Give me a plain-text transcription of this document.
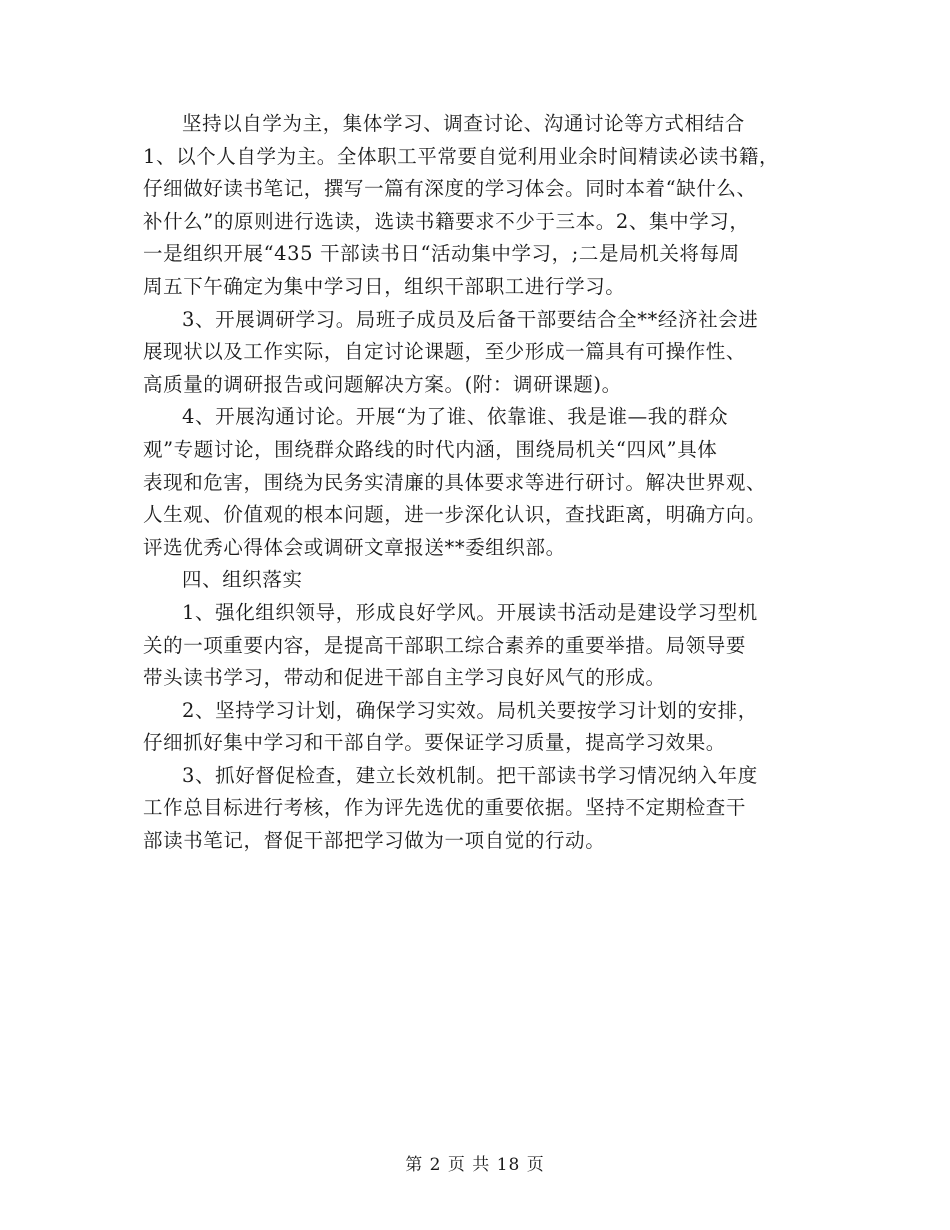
坚持以自学为主，集体学习、调查讨论、沟通讨论等方式相结合
1、以个人自学为主。全体职工平常要自觉利用业余时间精读必读书籍，
仔细做好读书笔记，撰写一篇有深度的学习体会。同时本着“缺什么、
补什么”的原则进行选读，选读书籍要求不少于三本。2、集中学习，
一是组织开展“435 干部读书日“活动集中学习，;二是局机关将每周
周五下午确定为集中学习日，组织干部职工进行学习。

3、开展调研学习。局班子成员及后备干部要结合全**经济社会进
展现状以及工作实际，自定讨论课题，至少形成一篇具有可操作性、
高质量的调研报告或问题解决方案。(附：调研课题)。

4、开展沟通讨论。开展“为了谁、依靠谁、我是谁—我的群众
观”专题讨论，围绕群众路线的时代内涵，围绕局机关“四风”具体
表现和危害，围绕为民务实清廉的具体要求等进行研讨。解决世界观、
人生观、价值观的根本问题，进一步深化认识，查找距离，明确方向。
评选优秀心得体会或调研文章报送**委组织部。

四、组织落实

1、强化组织领导，形成良好学风。开展读书活动是建设学习型机
关的一项重要内容，是提高干部职工综合素养的重要举措。局领导要
带头读书学习，带动和促进干部自主学习良好风气的形成。

2、坚持学习计划，确保学习实效。局机关要按学习计划的安排，
仔细抓好集中学习和干部自学。要保证学习质量，提高学习效果。

3、抓好督促检查，建立长效机制。把干部读书学习情况纳入年度
工作总目标进行考核，作为评先选优的重要依据。坚持不定期检查干
部读书笔记，督促干部把学习做为一项自觉的行动。

第 2 页 共 18 页
